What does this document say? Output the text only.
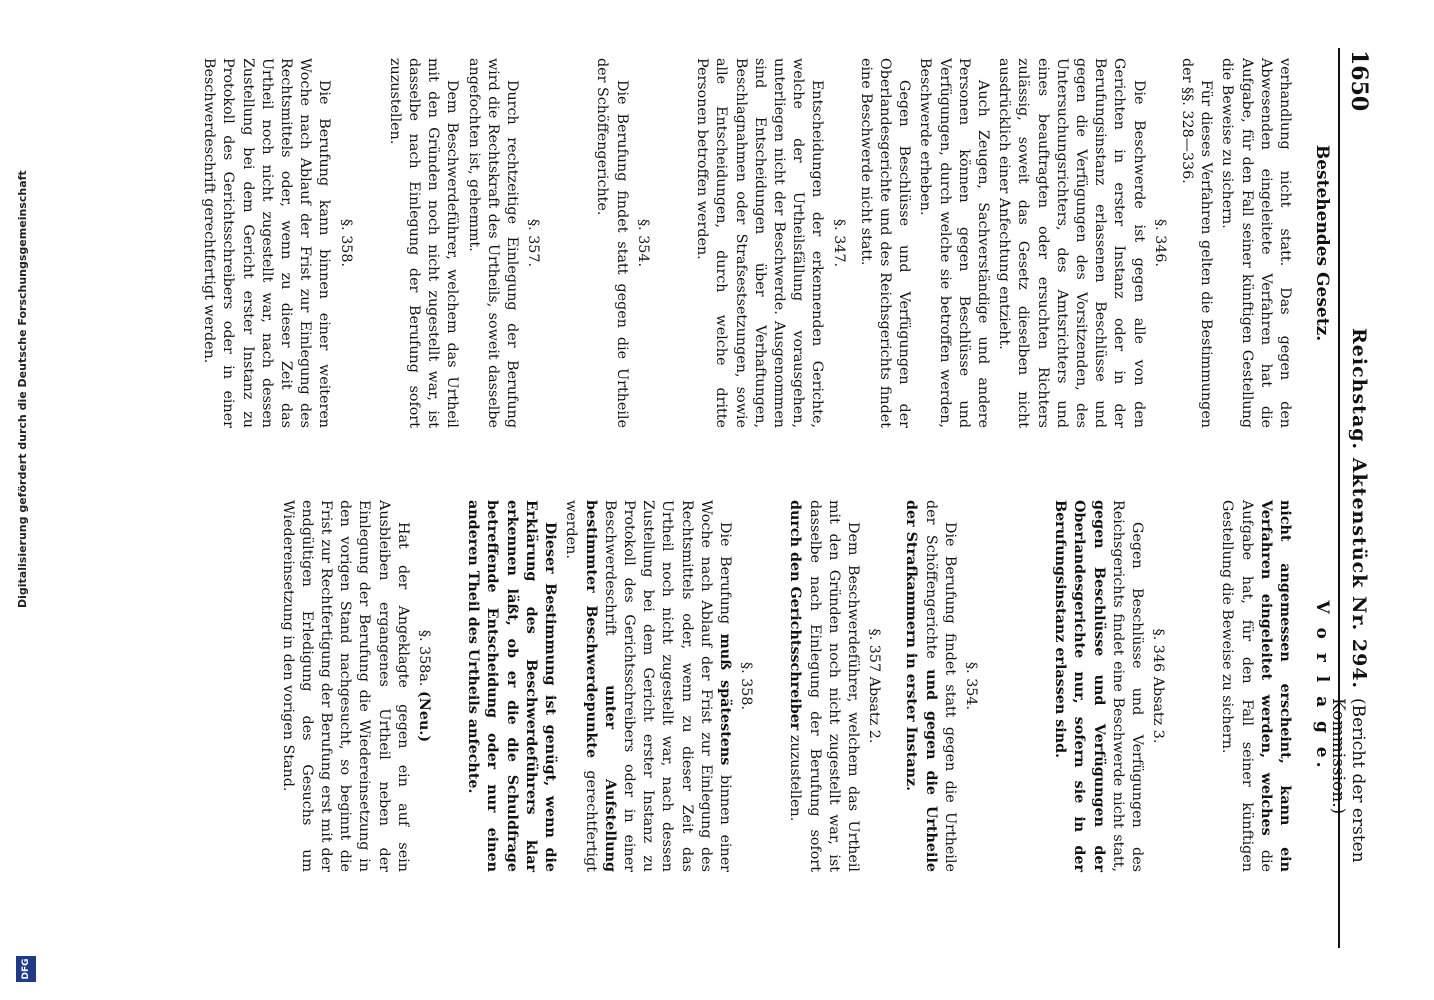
1650
Reichstag. Aktenstück Nr. 294.
(Bericht der ersten Kommission.)
Bestehendes Gesetz.
V o r l a g e.

verhandlung nicht statt. Das gegen den Abwesenden eingeleitete Verfahren hat die Aufgabe, für den Fall seiner künftigen Gestellung die Beweise zu sichern.

Für dieses Verfahren gelten die Bestimmungen der §§. 328—336.

§. 346.

Die Beschwerde ist gegen alle von den Gerichten in erster Instanz oder in der Berufungsinstanz erlassenen Beschlüsse und gegen die Verfügungen des Vorsitzenden, des Untersuchungsrichters, des Amtsrichters und eines beauftragten oder ersuchten Richters zulässig, soweit das Gesetz dieselben nicht ausdrücklich einer Anfechtung entzieht.

Auch Zeugen, Sachverständige und andere Personen können gegen Beschlüsse und Verfügungen, durch welche sie betroffen werden, Beschwerde erheben.

Gegen Beschlüsse und Verfügungen der Oberlandesgerichte und des Reichsgerichts findet eine Beschwerde nicht statt.

§. 347.

Entscheidungen der erkennenden Gerichte, welche der Urtheilsfällung vorausgehen, unterliegen nicht der Beschwerde. Ausgenommen sind Entscheidungen über Verhaftungen, Beschlagnahmen oder Strafsestsetzungen, sowie alle Entscheidungen, durch welche dritte Personen betroffen werden.

§. 354.

Die Berufung findet statt gegen die Urtheile der Schöffengerichte.

§. 357.

Durch rechtzeitige Einlegung der Berufung wird die Rechtskraft des Urtheils, soweit dasselbe angefochten ist, gehemmt.

Dem Beschwerdeführer, welchem das Urtheil mit den Gründen noch nicht zugestellt war, ist dasselbe nach Einlegung der Berufung sofort zuzustellen.

§. 358.

Die Berufung kann binnen einer weiteren Woche nach Ablauf der Frist zur Einlegung des Rechtsmittels oder, wenn zu dieser Zeit das Urtheil noch nicht zugestellt war, nach dessen Zustellung bei dem Gericht erster Instanz zu Protokoll des Gerichtsschreibers oder in einer Beschwerdeschrift gerechtfertigt werden.

nicht angemessen erscheint, kann ein Verfahren eingeleitet werden, welches die Aufgabe hat, für den Fall seiner künftigen Gestellung die Beweise zu sichern.

§. 346 Absatz 3.

Gegen Beschlüsse und Verfügungen des Reichsgerichts findet eine Beschwerde nicht statt, gegen Beschlüsse und Verfügungen der Oberlandesgerichte nur, sofern sie in der Berufungsinstanz erlassen sind.

§. 354.

Die Berufung findet statt gegen die Urtheile der Schöffengerichte und gegen die Urtheile der Strafkammern in erster Instanz.

§. 357 Absatz 2.

Dem Beschwerdeführer, welchem das Urtheil mit den Gründen noch nicht zugestellt war, ist dasselbe nach Einlegung der Berufung sofort durch den Gerichtsschreiber zuzustellen.

§. 358.

Die Berufung muß spätestens binnen einer Woche nach Ablauf der Frist zur Einlegung des Rechtsmittels oder, wenn zu dieser Zeit das Urtheil noch nicht zugestellt war, nach dessen Zustellung bei dem Gericht erster Instanz zu Protokoll des Gerichtsschreibers oder in einer Beschwerdeschrift unter Aufstellung bestimmter Beschwerdepunkte gerechtfertigt werden.

Dieser Bestimmung ist genügt, wenn die Erklärung des Beschwerdeführers klar erkennen läßt, ob er die die Schuldfrage betreffende Entscheidung oder nur einen anderen Theil des Urtheils anfechte.

§. 358a. (Neu.)

Hat der Angeklagte gegen ein auf sein Ausbleiben ergangenes Urtheil neben der Einlegung der Berufung die Wiedereinsetzung in den vorigen Stand nachgesucht, so beginnt die Frist zur Rechtfertigung der Berufung erst mit der endgültigen Erledigung des Gesuchs um Wiedereinsetzung in den vorigen Stand.

Digitalisierung gefördert durch die Deutsche Forschungsgemeinschaft
DFG
